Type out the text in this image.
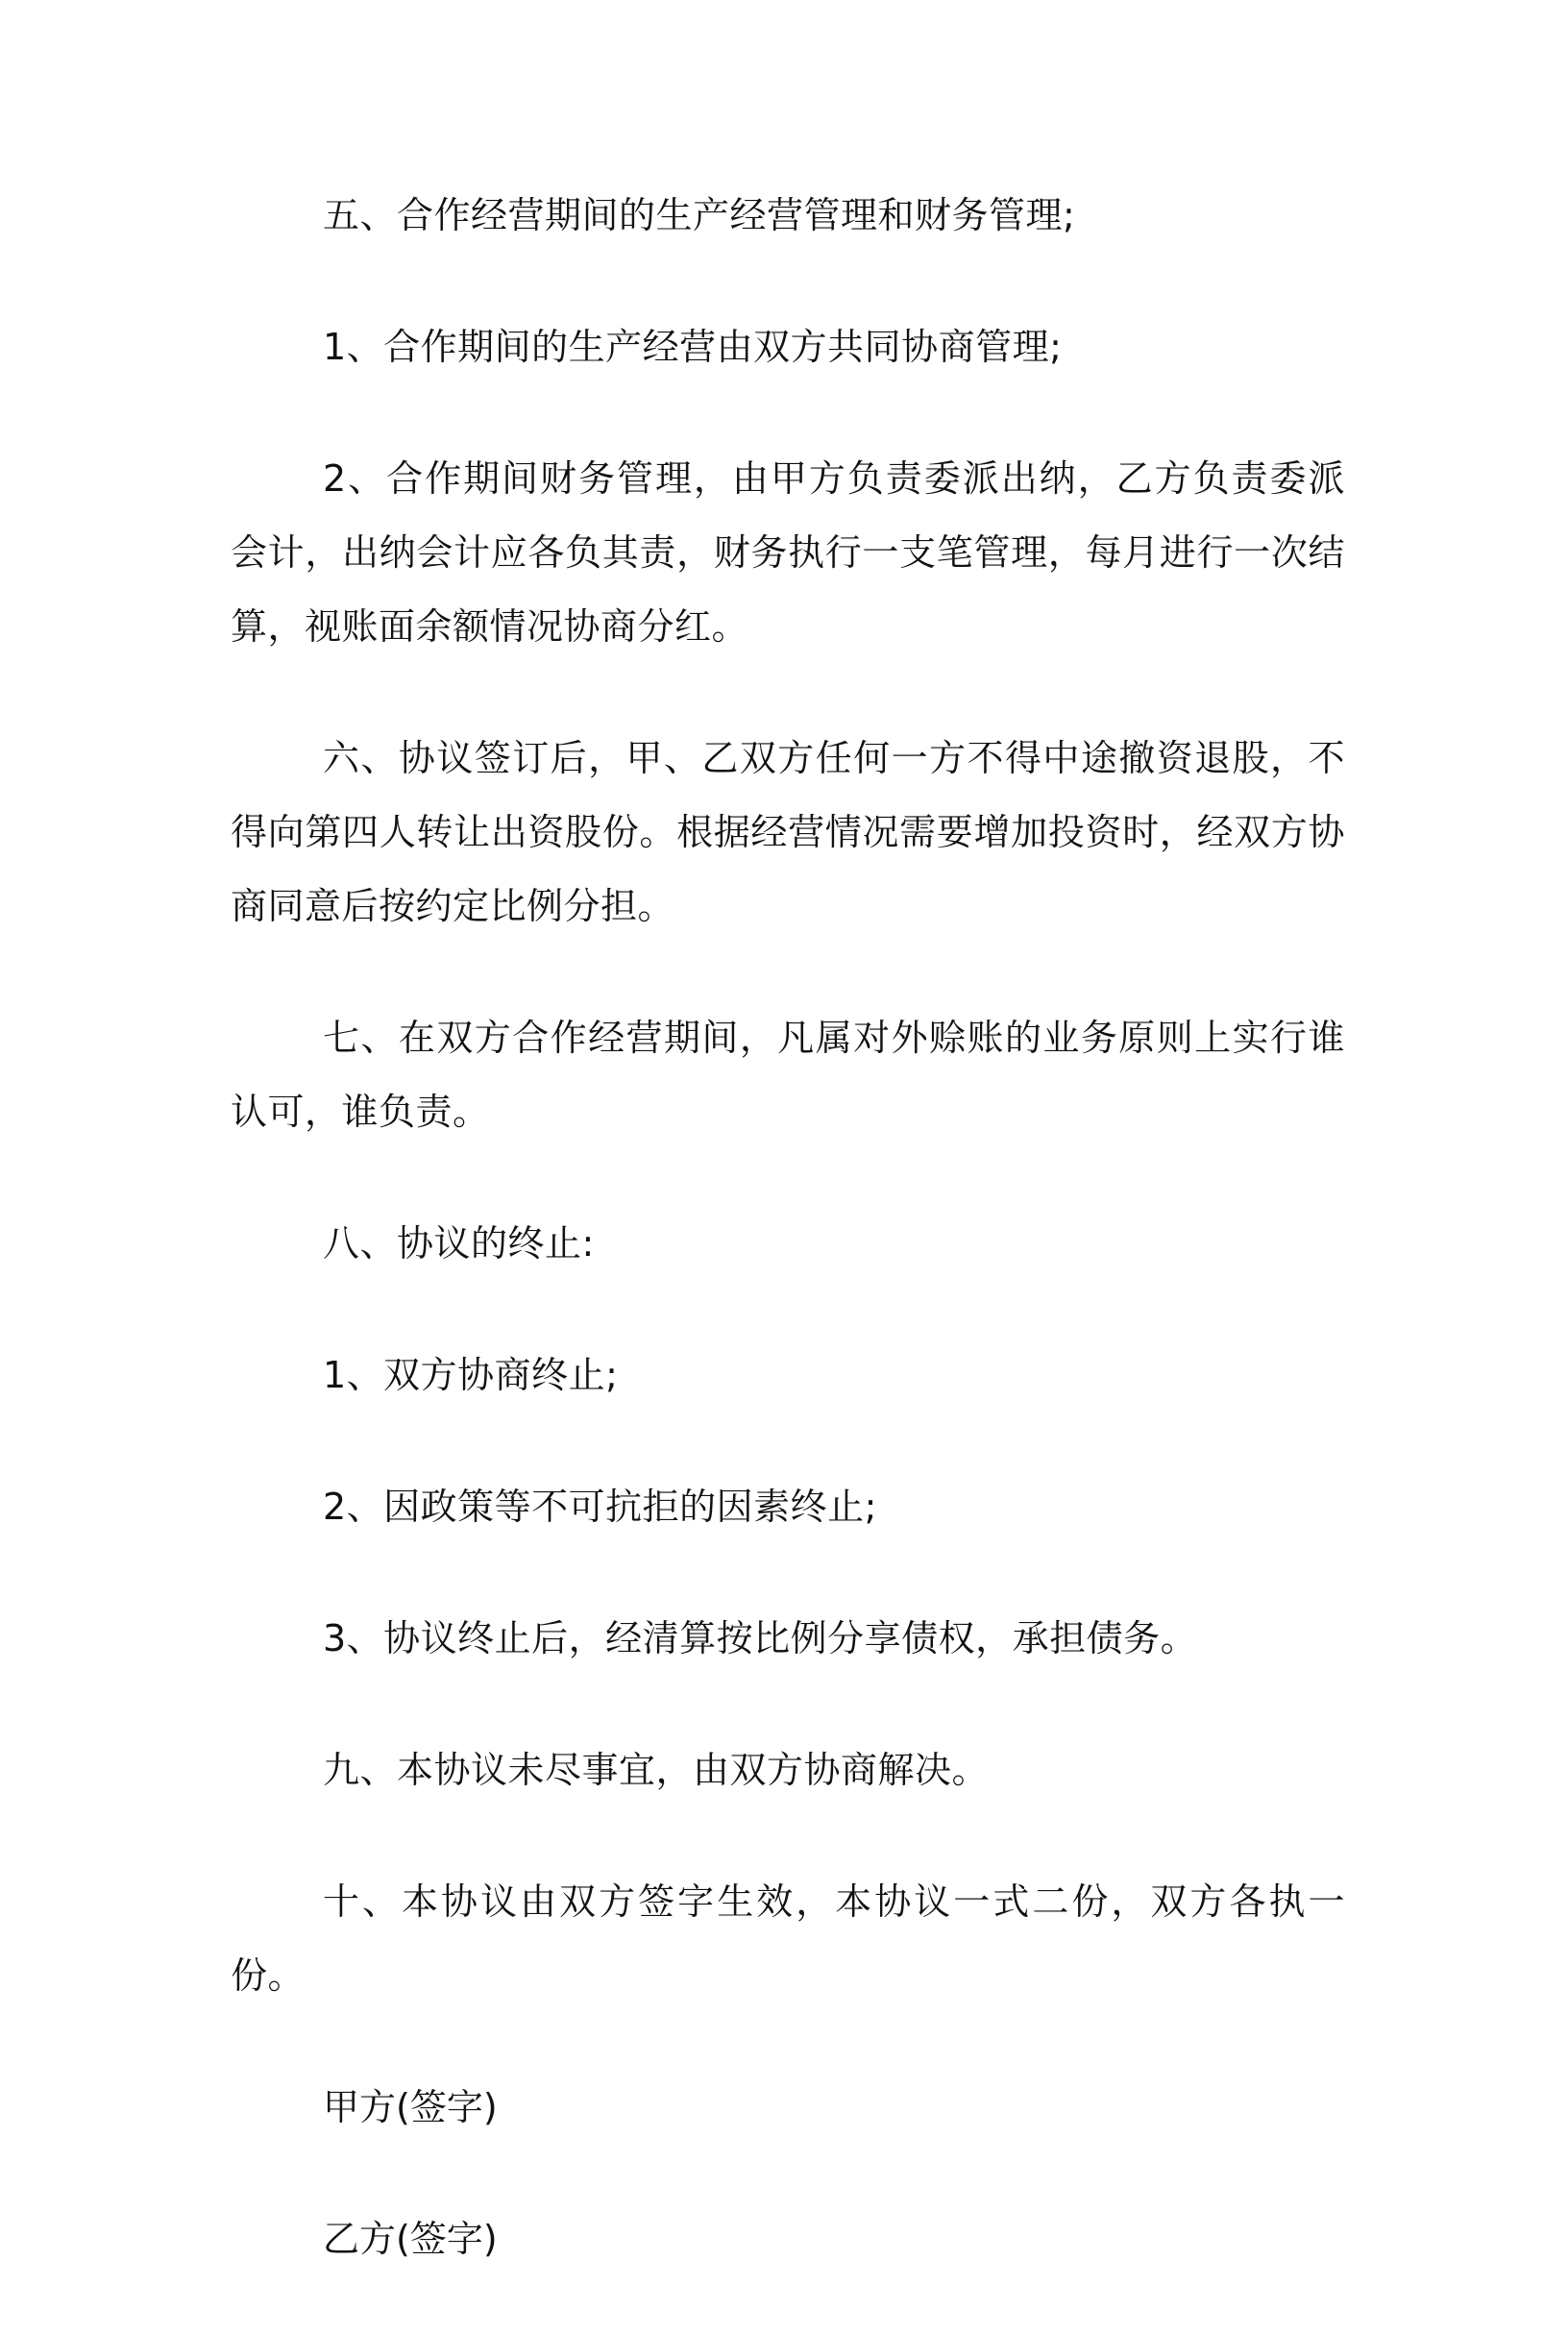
五、合作经营期间的生产经营管理和财务管理;

1、合作期间的生产经营由双方共同协商管理;

2、合作期间财务管理，由甲方负责委派出纳，乙方负责委派会计，出纳会计应各负其责，财务执行一支笔管理，每月进行一次结算，视账面余额情况协商分红。

六、协议签订后，甲、乙双方任何一方不得中途撤资退股，不得向第四人转让出资股份。根据经营情况需要增加投资时，经双方协商同意后按约定比例分担。

七、在双方合作经营期间，凡属对外赊账的业务原则上实行谁认可，谁负责。

八、协议的终止:

1、双方协商终止;

2、因政策等不可抗拒的因素终止;

3、协议终止后，经清算按比例分享债权，承担债务。

九、本协议未尽事宜，由双方协商解决。

十、本协议由双方签字生效，本协议一式二份，双方各执一份。

甲方(签字)

乙方(签字)
